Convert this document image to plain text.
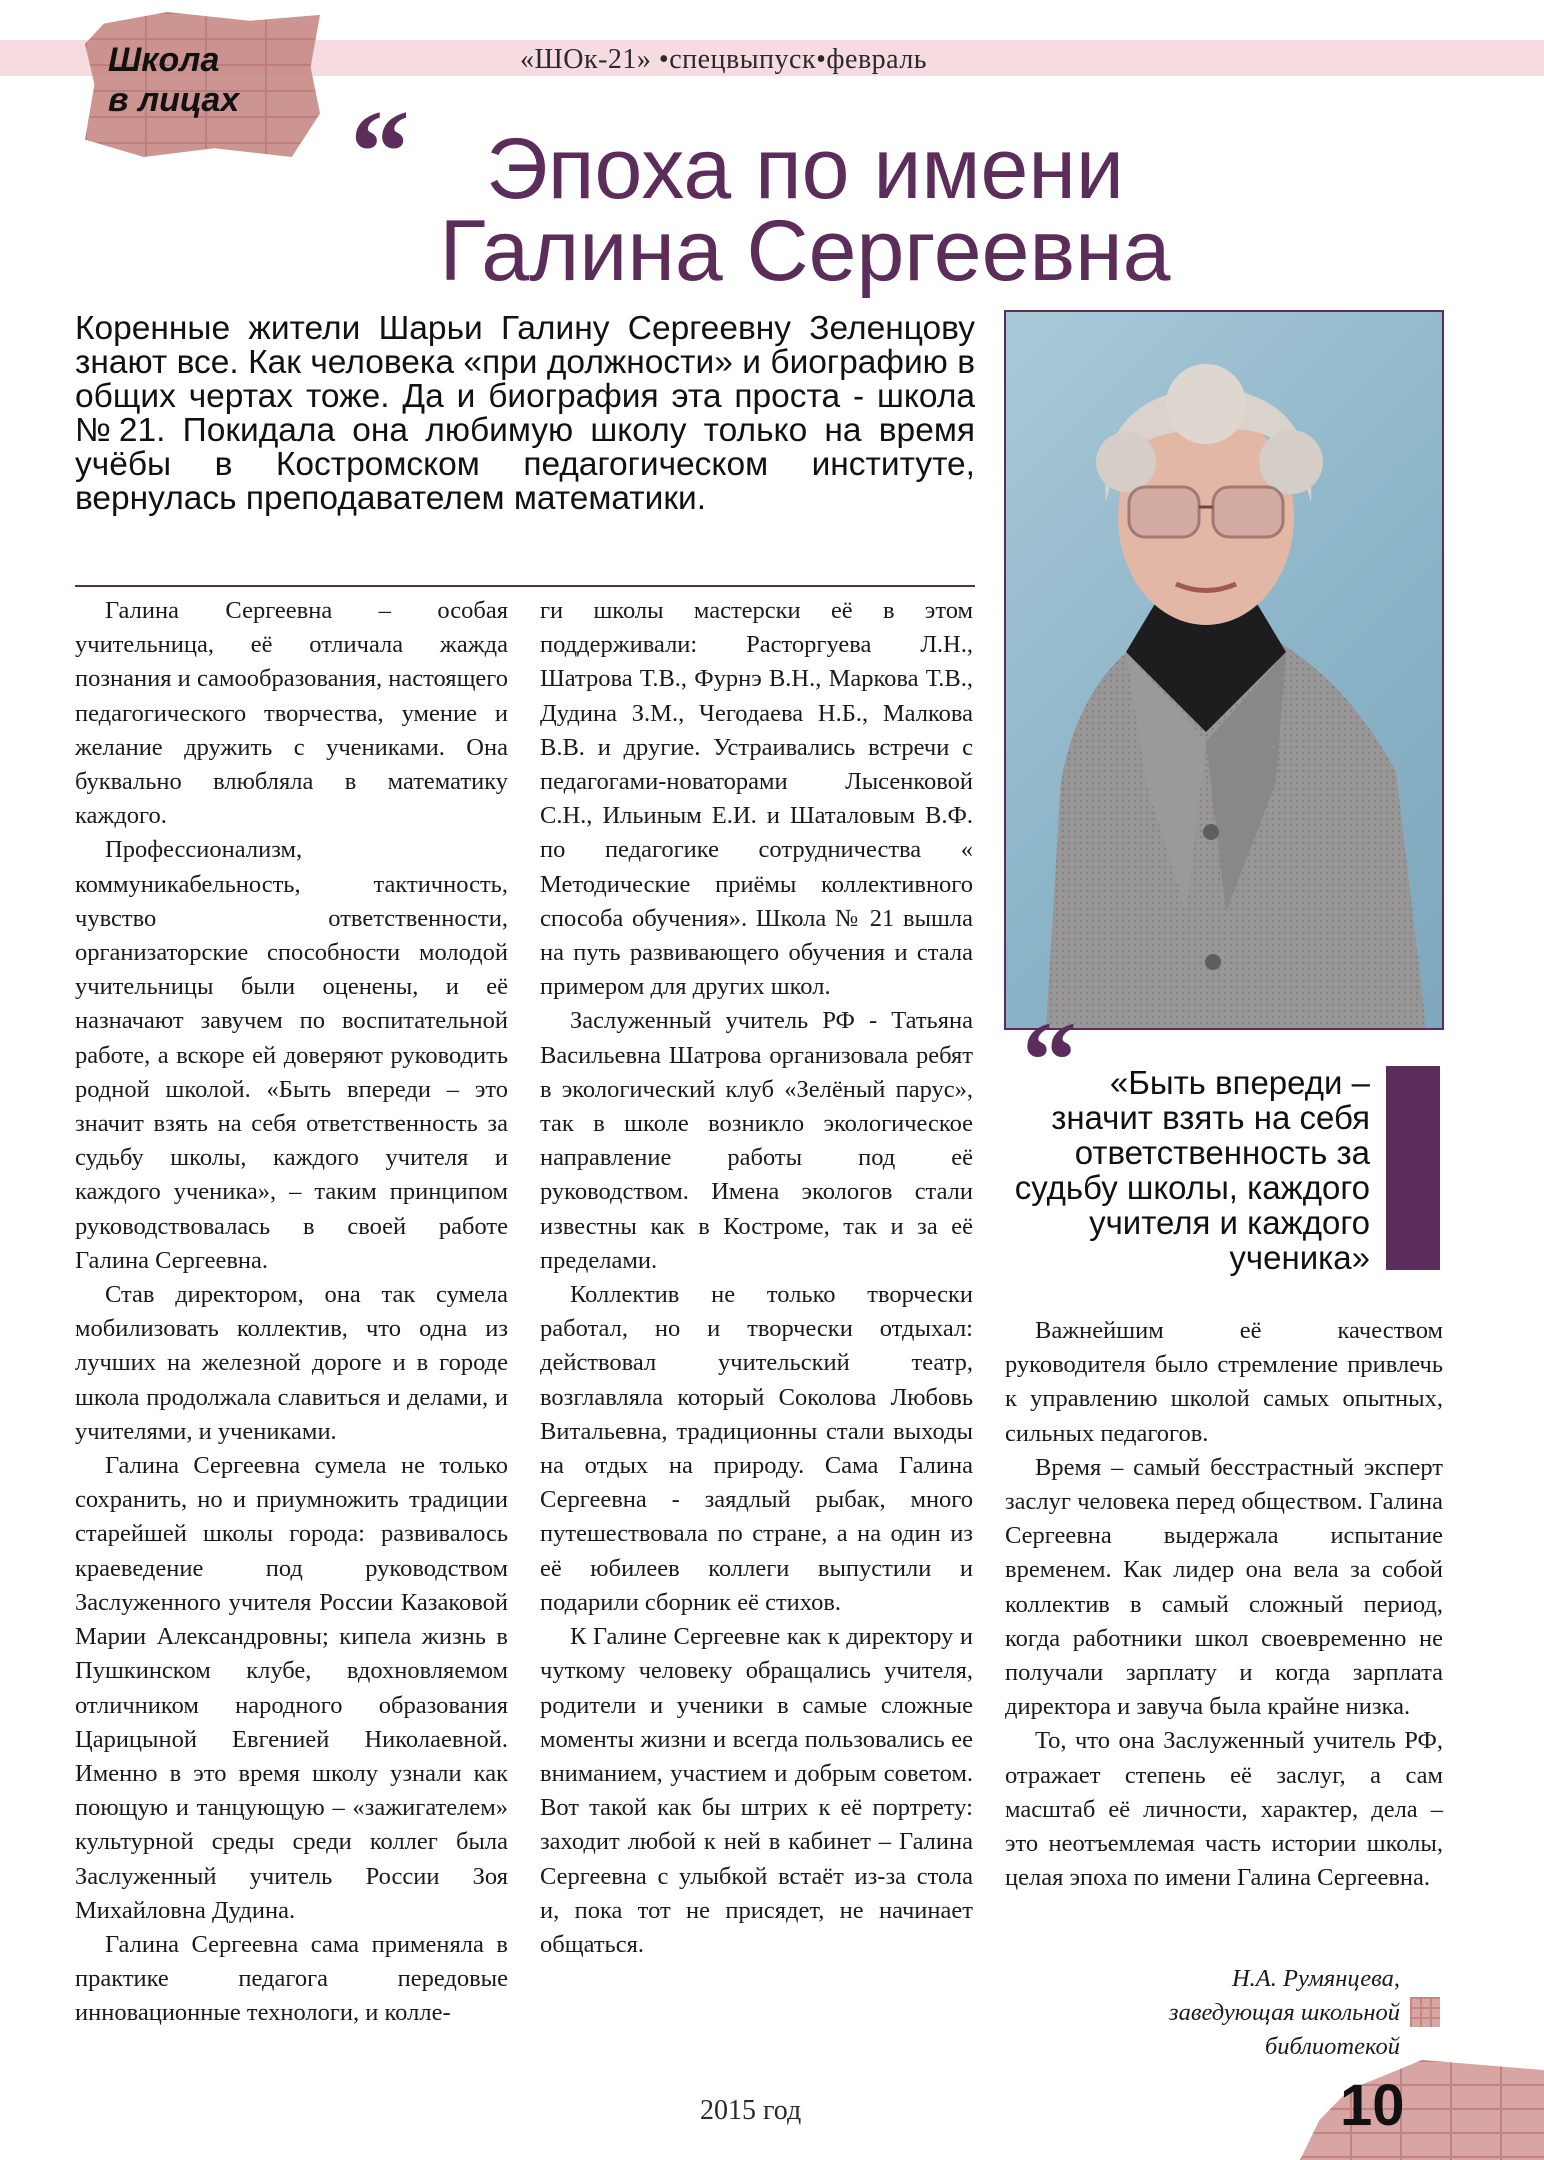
Школа
в лицах
«ШОк-21» •спецвыпуск•февраль
“ Эпоха по имени
Галина Сергеевна
Коренные жители Шарьи Галину Сергеевну Зеленцову знают все. Как человека «при должности» и биографию в общих чертах тоже. Да и биография эта проста - школа №21. Покидала она любимую школу только на время учёбы в Костромском педагогическом институте, вернулась преподавателем математики.
“ «Быть впереди – значит взять на себя ответственность за судьбу школы, каждого учителя и каждого ученика»

Галина Сергеевна – особая учительница, её отличала жажда познания и самообразования, настоящего педагогического творчества, умение и желание дружить с учениками. Она буквально влюбляла в математику каждого.

Профессионализм, коммуникабельность, тактичность, чувство ответственности, организаторские способности молодой учительницы были оценены, и её назначают завучем по воспитательной работе, а вскоре ей доверяют руководить родной школой. «Быть впереди – это значит взять на себя ответственность за судьбу школы, каждого учителя и каждого ученика», – таким принципом руководствовалась в своей работе Галина Сергеевна.

Став директором, она так сумела мобилизовать коллектив, что одна из лучших на железной дороге и в городе школа продолжала славиться и делами, и учителями, и учениками.

Галина Сергеевна сумела не только сохранить, но и приумножить традиции старейшей школы города: развивалось краеведение под руководством Заслуженного учителя России Казаковой Марии Александровны; кипела жизнь в Пушкинском клубе, вдохновляемом отличником народного образования Царицыной Евгенией Николаевной. Именно в это время школу узнали как поющую и танцующую – «зажигателем» культурной среды среди коллег была Заслуженный учитель России Зоя Михайловна Дудина.

Галина Сергеевна сама применяла в практике педагога передовые инновационные технологи, и колле-

ги школы мастерски её в этом поддерживали: Расторгуева Л.Н., Шатрова Т.В., Фурнэ В.Н., Маркова Т.В., Дудина З.М., Чегодаева Н.Б., Малкова В.В. и другие. Устраивались встречи с педагогами-новаторами Лысенковой С.Н., Ильиным Е.И. и Шаталовым В.Ф. по педагогике сотрудничества « Методические приёмы коллективного способа обучения». Школа № 21 вышла на путь развивающего обучения и стала примером для других школ.

Заслуженный учитель РФ - Татьяна Васильевна Шатрова организовала ребят в экологический клуб «Зелёный парус», так в школе возникло экологическое направление работы под её руководством. Имена экологов стали известны как в Костроме, так и за её пределами.

Коллектив не только творчески работал, но и творчески отдыхал: действовал учительский театр, возглавляла который Соколова Любовь Витальевна, традиционны стали выходы на отдых на природу. Сама Галина Сергеевна - заядлый рыбак, много путешествовала по стране, а на один из её юбилеев коллеги выпустили и подарили сборник её стихов.

К Галине Сергеевне как к директору и чуткому человеку обращались учителя, родители и ученики в самые сложные моменты жизни и всегда пользовались ее вниманием, участием и добрым советом. Вот такой как бы штрих к её портрету: заходит любой к ней в кабинет – Галина Сергеевна с улыбкой встаёт из-за стола и, пока тот не присядет, не начинает общаться.

Важнейшим её качеством руководителя было стремление привлечь к управлению школой самых опытных, сильных педагогов.

Время – самый бесстрастный эксперт заслуг человека перед обществом. Галина Сергеевна выдержала испытание временем. Как лидер она вела за собой коллектив в самый сложный период, когда работники школ своевременно не получали зарплату и когда зарплата директора и завуча была крайне низка.

То, что она Заслуженный учитель РФ, отражает степень её заслуг, а сам масштаб её личности, характер, дела – это неотъемлемая часть истории школы, целая эпоха по имени Галина Сергеевна.

Н.А. Румянцева,
заведующая школьной
библиотекой
2015 год	10
